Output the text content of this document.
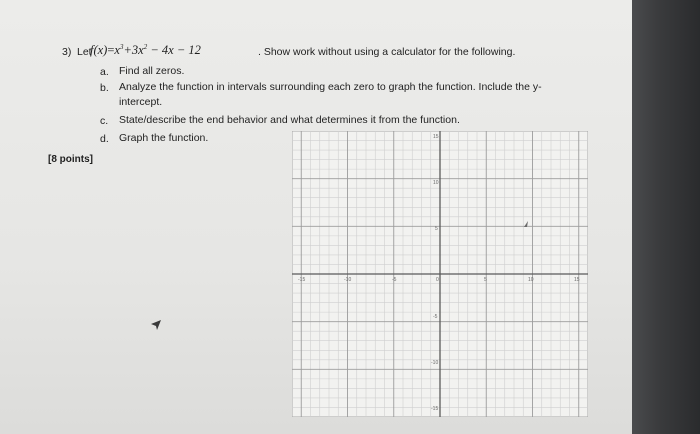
3) Let
$f(x)=x^3+3x^2 - 4x - 12$	. Show work without using a calculator for the following.
a. Find all zeros.
b. Analyze the function in intervals surrounding each zero to graph the function. Include the y-
intercept.
c. State/describe the end behavior and what determines it from the function.
d. Graph the function.
[8 points]
-15	-10	-5	0	5	10	15
15
10
5
-5
-10
-15
